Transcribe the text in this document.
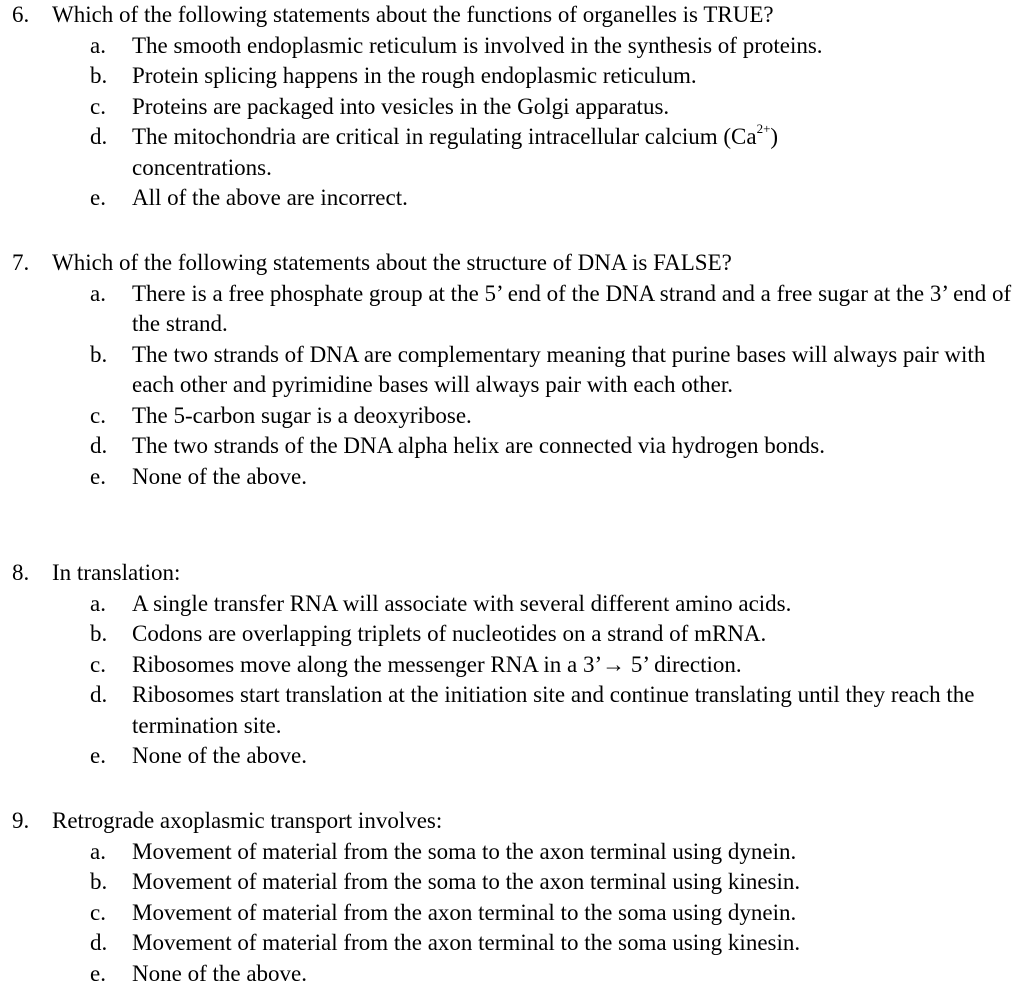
6. Which of the following statements about the functions of organelles is TRUE?
a. The smooth endoplasmic reticulum is involved in the synthesis of proteins.
b. Protein splicing happens in the rough endoplasmic reticulum.
c. Proteins are packaged into vesicles in the Golgi apparatus.
d. The mitochondria are critical in regulating intracellular calcium $(Ca^{2+})$
concentrations.
e. All of the above are incorrect.
7. Which of the following statements about the structure of DNA is FALSE?
a. There is a free phosphate group at the 5’ end of the DNA strand and a free sugar at the 3’ end of the strand.
b. The two strands of DNA are complementary meaning that purine bases will always pair with each other and pyrimidine bases will always pair with each other.
c. The 5-carbon sugar is a deoxyribose.
d. The two strands of the DNA alpha helix are connected via hydrogen bonds.
e. None of the above.
8. In translation:
a. A single transfer RNA will associate with several different amino acids.
b. Codons are overlapping triplets of nucleotides on a strand of mRNA.
c. Ribosomes move along the messenger RNA in a 3’→ 5’ direction.
d. Ribosomes start translation at the initiation site and continue translating until they reach the termination site.
e. None of the above.
9. Retrograde axoplasmic transport involves:
a. Movement of material from the soma to the axon terminal using dynein.
b. Movement of material from the soma to the axon terminal using kinesin.
c. Movement of material from the axon terminal to the soma using dynein.
d. Movement of material from the axon terminal to the soma using kinesin.
e. None of the above.
